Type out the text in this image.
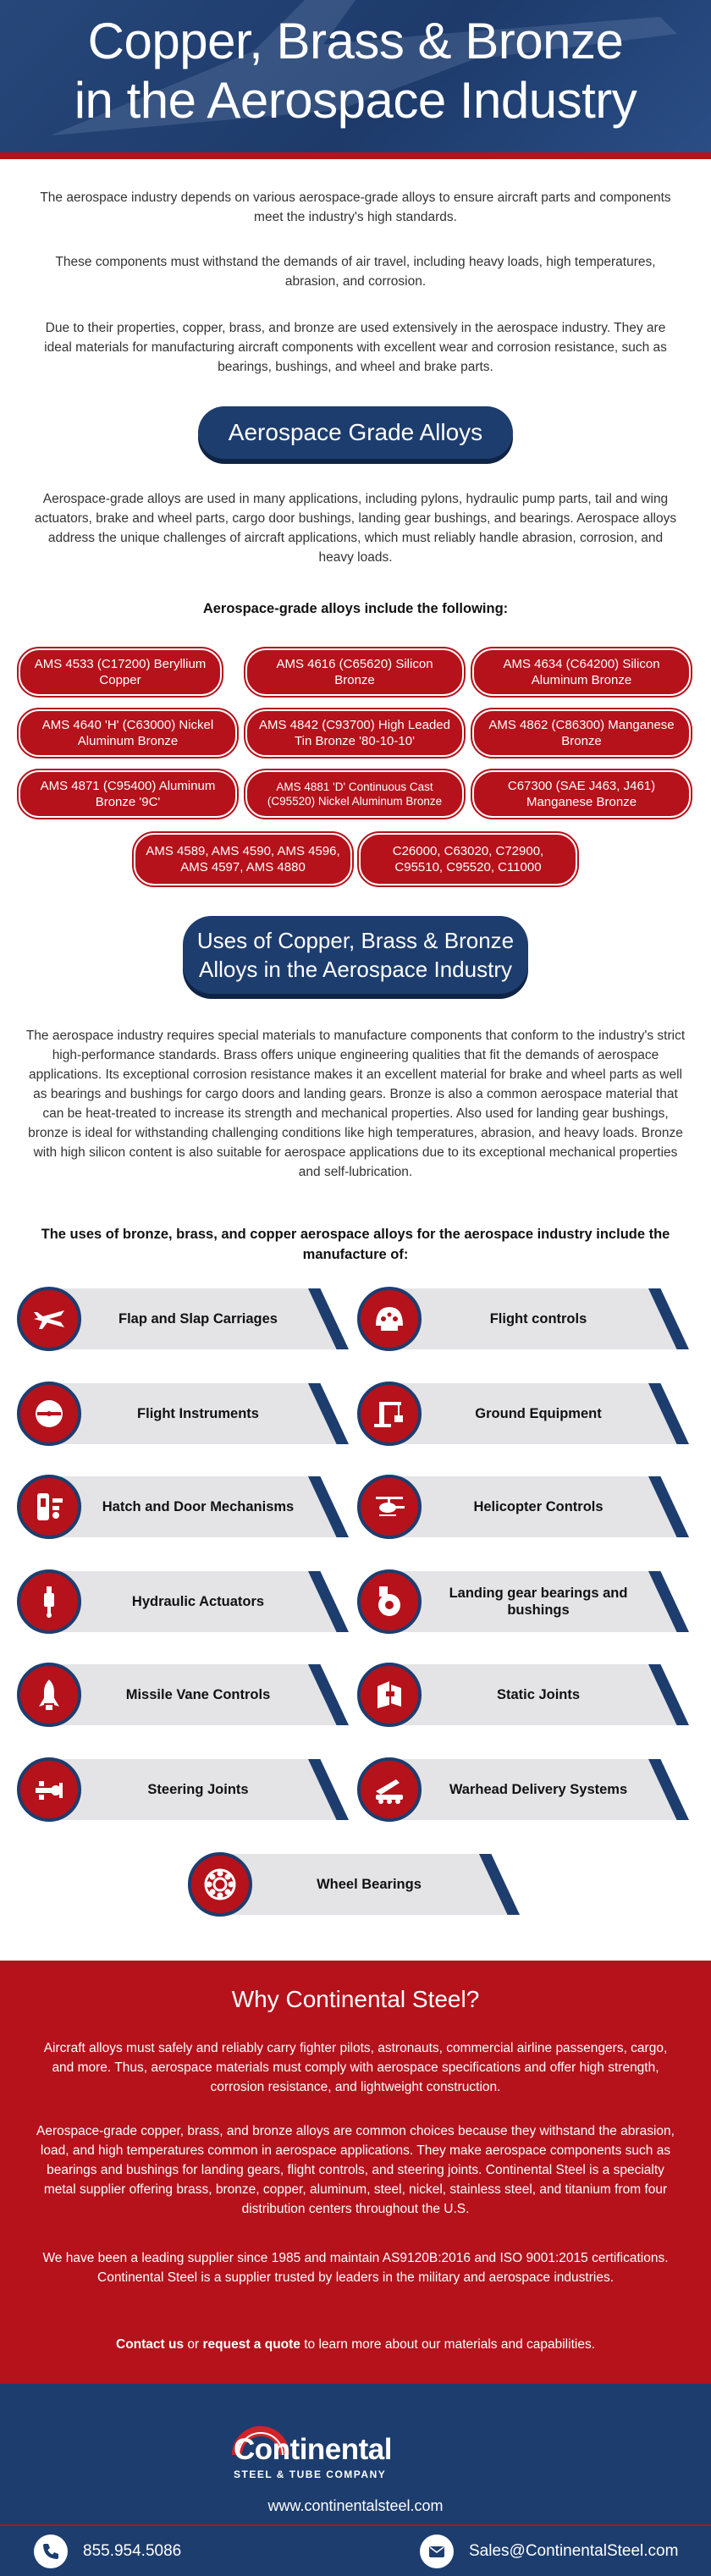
Copper, Brass & Bronze
in the Aerospace Industry

The aerospace industry depends on various aerospace-grade alloys to ensure aircraft parts and components meet the industry's high standards.

These components must withstand the demands of air travel, including heavy loads, high temperatures, abrasion, and corrosion.

Due to their properties, copper, brass, and bronze are used extensively in the aerospace industry. They are ideal materials for manufacturing aircraft components with excellent wear and corrosion resistance, such as bearings, bushings, and wheel and brake parts.

Aerospace Grade Alloys

Aerospace-grade alloys are used in many applications, including pylons, hydraulic pump parts, tail and wing actuators, brake and wheel parts, cargo door bushings, landing gear bushings, and bearings. Aerospace alloys address the unique challenges of aircraft applications, which must reliably handle abrasion, corrosion, and heavy loads.

Aerospace-grade alloys include the following:
AMS 4533 (C17200) Beryllium Copper
AMS 4616 (C65620) Silicon Bronze
AMS 4634 (C64200) Silicon Aluminum Bronze
AMS 4640 'H' (C63000) Nickel Aluminum Bronze
AMS 4842 (C93700) High Leaded Tin Bronze '80-10-10'
AMS 4862 (C86300) Manganese Bronze
AMS 4871 (C95400) Aluminum Bronze '9C'
AMS 4881 'D' Continuous Cast (C95520) Nickel Aluminum Bronze
C67300 (SAE J463, J461) Manganese Bronze
AMS 4589, AMS 4590, AMS 4596, AMS 4597, AMS 4880
C26000, C63020, C72900, C95510, C95520, C11000
Uses of Copper, Brass & Bronze
Alloys in the Aerospace Industry

The aerospace industry requires special materials to manufacture components that conform to the industry's strict high-performance standards. Brass offers unique engineering qualities that fit the demands of aerospace applications. Its exceptional corrosion resistance makes it an excellent material for brake and wheel parts as well as bearings and bushings for cargo doors and landing gears. Bronze is also a common aerospace material that can be heat-treated to increase its strength and mechanical properties. Also used for landing gear bushings, bronze is ideal for withstanding challenging conditions like high temperatures, abrasion, and heavy loads. Bronze with high silicon content is also suitable for aerospace applications due to its exceptional mechanical properties and self-lubrication.

The uses of bronze, brass, and copper aerospace alloys for the aerospace industry include the manufacture of:
Flap and Slap Carriages	Flight controls
Flight Instruments	Ground Equipment
Hatch and Door Mechanisms	Helicopter Controls
Hydraulic Actuators
Landing gear bearings and bushings
Missile Vane Controls	Static Joints
Steering Joints	Warhead Delivery Systems
Wheel Bearings
Why Continental Steel?

Aircraft alloys must safely and reliably carry fighter pilots, astronauts, commercial airline passengers, cargo, and more. Thus, aerospace materials must comply with aerospace specifications and offer high strength, corrosion resistance, and lightweight construction.

Aerospace-grade copper, brass, and bronze alloys are common choices because they withstand the abrasion, load, and high temperatures common in aerospace applications. They make aerospace components such as bearings and bushings for landing gears, flight controls, and steering joints. Continental Steel is a specialty metal supplier offering brass, bronze, copper, aluminum, steel, nickel, stainless steel, and titanium from four distribution centers throughout the U.S.

We have been a leading supplier since 1985 and maintain AS9120B:2016 and ISO 9001:2015 certifications. Continental Steel is a supplier trusted by leaders in the military and aerospace industries.

Contact us or request a quote to learn more about our materials and capabilities.

Continental
STEEL & TUBE COMPANY
www.continentalsteel.com
855.954.5086	Sales@ContinentalSteel.com
